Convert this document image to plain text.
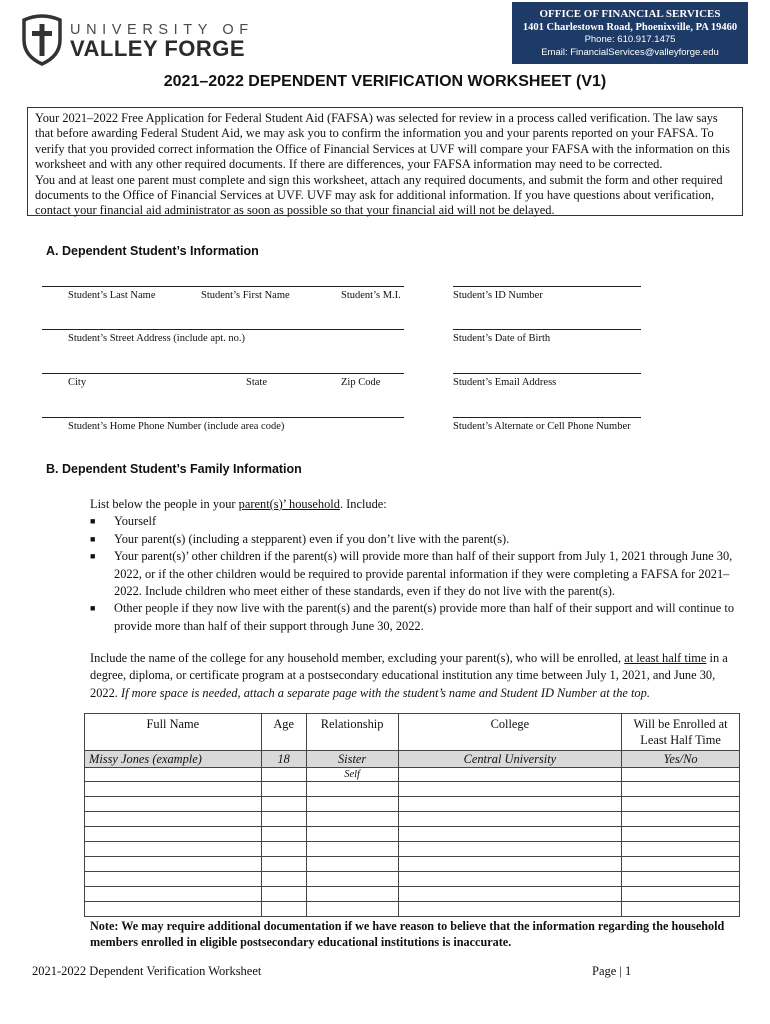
UNIVERSITY OF
VALLEY FORGE
OFFICE OF FINANCIAL SERVICES
1401 Charlestown Road, Phoenixville, PA 19460
Phone: 610.917.1475
Email: FinancialServices@valleyforge.edu
2021–2022 DEPENDENT VERIFICATION WORKSHEET (V1)

Your 2021–2022 Free Application for Federal Student Aid (FAFSA) was selected for review in a process called verification. The law says that before awarding Federal Student Aid, we may ask you to confirm the information you and your parents reported on your FAFSA. To verify that you provided correct information the Office of Financial Services at UVF will compare your FAFSA with the information on this worksheet and with any other required documents. If there are differences, your FAFSA information may need to be corrected.

You and at least one parent must complete and sign this worksheet, attach any required documents, and submit the form and other required documents to the Office of Financial Services at UVF. UVF may ask for additional information. If you have questions about verification, contact your financial aid administrator as soon as possible so that your financial aid will not be delayed.

A. Dependent Student’s Information
Student’s Last Name	Student’s First Name	Student’s M.I.	Student’s ID Number
Student’s Street Address (include apt. no.)	Student’s Date of Birth
City	State	Zip Code	Student’s Email Address
Student’s Home Phone Number (include area code)	Student’s Alternate or Cell Phone Number
B. Dependent Student’s Family Information
List below the people in your parent(s)’ household. Include:
■ Yourself
■ Your parent(s) (including a stepparent) even if you don’t live with the parent(s).
■ Your parent(s)’ other children if the parent(s) will provide more than half of their support from July 1, 2021 through June 30, 2022, or if the other children would be required to provide parental information if they were completing a FAFSA for 2021–2022. Include children who meet either of these standards, even if they do not live with the parent(s).
■ Other people if they now live with the parent(s) and the parent(s) provide more than half of their support and will continue to provide more than half of their support through June 30, 2022.
Include the name of the college for any household member, excluding your parent(s), who will be enrolled, at least half time in a degree, diploma, or certificate program at a postsecondary educational institution any time between July 1, 2021, and June 30, 2022. If more space is needed, attach a separate page with the student’s name and Student ID Number at the top.
Full Name	Age	Relationship	College	Will be Enrolled at Least Half Time
Missy Jones (example)	18	Sister	Central University	Yes/No
		Self		

Note: We may require additional documentation if we have reason to believe that the information regarding the household members enrolled in eligible postsecondary educational institutions is inaccurate.
2021-2022 Dependent Verification Worksheet	Page | 1
